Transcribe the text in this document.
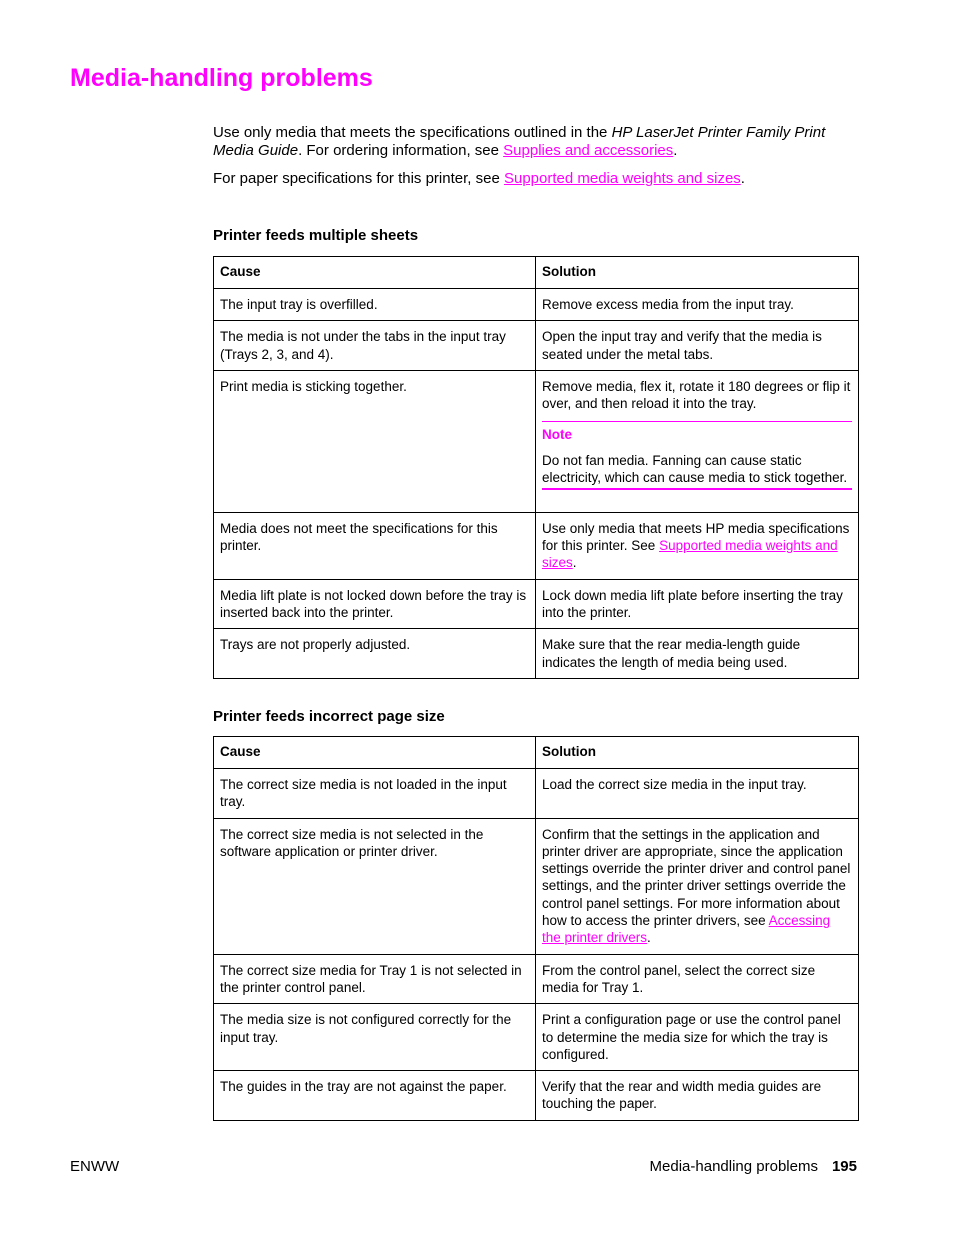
Media-handling problems

Use only media that meets the specifications outlined in the HP LaserJet Printer Family Print Media Guide. For ordering information, see Supplies and accessories.

For paper specifications for this printer, see Supported media weights and sizes.

Printer feeds multiple sheets
Cause	Solution
The input tray is overfilled.	Remove excess media from the input tray.
The media is not under the tabs in the input tray (Trays 2, 3, and 4).	Open the input tray and verify that the media is seated under the metal tabs.
Print media is sticking together.	Remove media, flex it, rotate it 180 degrees or flip it over, and then reload it into the tray.

Note

Do not fan media. Fanning can cause static electricity, which can cause media to stick together.

Media does not meet the specifications for this printer.	Use only media that meets HP media specifications for this printer. See Supported media weights and sizes.
Media lift plate is not locked down before the tray is inserted back into the printer.	Lock down media lift plate before inserting the tray into the printer.
Trays are not properly adjusted.	Make sure that the rear media-length guide indicates the length of media being used.
Printer feeds incorrect page size
Cause	Solution
The correct size media is not loaded in the input tray.	Load the correct size media in the input tray.
The correct size media is not selected in the software application or printer driver.	Confirm that the settings in the application and printer driver are appropriate, since the application settings override the printer driver and control panel settings, and the printer driver settings override the control panel settings. For more information about how to access the printer drivers, see Accessing the printer drivers.
The correct size media for Tray 1 is not selected in the printer control panel.	From the control panel, select the correct size media for Tray 1.
The media size is not configured correctly for the input tray.	Print a configuration page or use the control panel to determine the media size for which the tray is configured.
The guides in the tray are not against the paper.	Verify that the rear and width media guides are touching the paper.
ENWW	Media-handling problems 195
